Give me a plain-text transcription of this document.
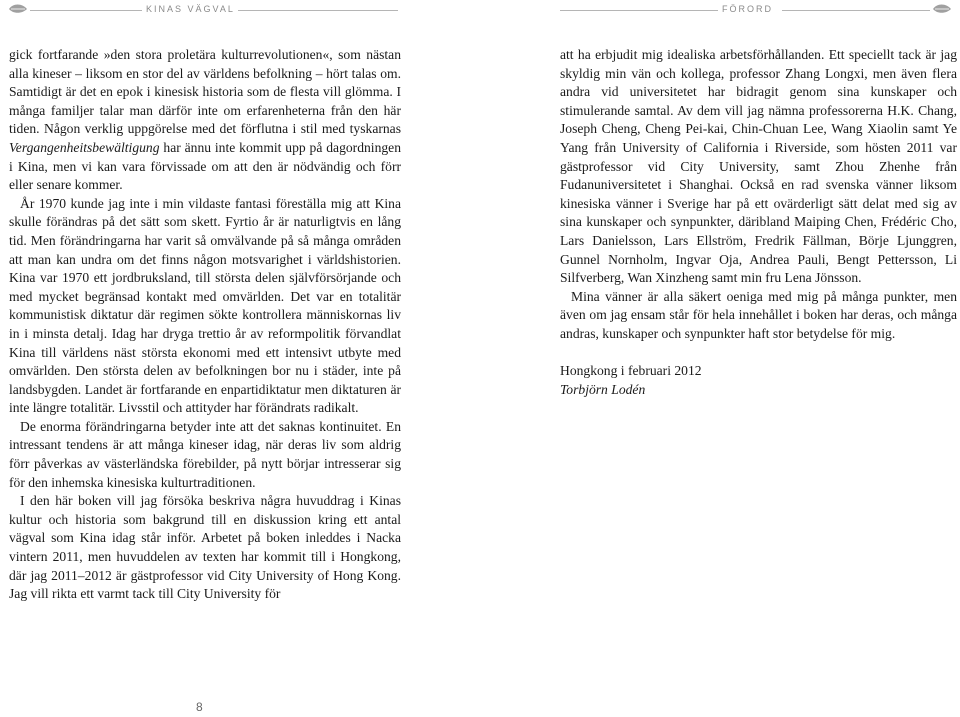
KINAS VÄGVAL	FÖRORD

gick fortfarande »den stora proletära kulturrevolutionen«, som nästan alla kineser – liksom en stor del av världens befolkning – hört talas om. Samtidigt är det en epok i kinesisk historia som de flesta vill glömma. I många familjer talar man därför inte om erfarenheterna från den här tiden. Någon verklig uppgörelse med det förflutna i stil med tyskarnas Vergangenheitsbewältigung har ännu inte kommit upp på dagordningen i Kina, men vi kan vara förvissade om att den är nödvändig och förr eller senare kommer.

År 1970 kunde jag inte i min vildaste fantasi föreställa mig att Kina skulle förändras på det sätt som skett. Fyrtio år är naturligtvis en lång tid. Men förändringarna har varit så omvälvande på så många områden att man kan undra om det finns någon motsvarighet i världshistorien. Kina var 1970 ett jordbruksland, till största delen självförsörjande och med mycket begränsad kontakt med omvärlden. Det var en totalitär kommunistisk diktatur där regimen sökte kontrollera människornas liv in i minsta detalj. Idag har dryga trettio år av reformpolitik förvandlat Kina till världens näst största ekonomi med ett intensivt utbyte med omvärlden. Den största delen av befolkningen bor nu i städer, inte på landsbygden. Landet är fortfarande en enpartidiktatur men diktaturen är inte längre totalitär. Livsstil och attityder har förändrats radikalt.

De enorma förändringarna betyder inte att det saknas kontinuitet. En intressant tendens är att många kineser idag, när deras liv som aldrig förr påverkas av västerländska förebilder, på nytt börjar intresserar sig för den inhemska kinesiska kulturtraditionen.

I den här boken vill jag försöka beskriva några huvuddrag i Kinas kultur och historia som bakgrund till en diskussion kring ett antal vägval som Kina idag står inför. Arbetet på boken inleddes i Nacka vintern 2011, men huvuddelen av texten har kommit till i Hongkong, där jag 2011–2012 är gästprofessor vid City University of Hong Kong. Jag vill rikta ett varmt tack till City University för

att ha erbjudit mig idealiska arbetsförhållanden. Ett speciellt tack är jag skyldig min vän och kollega, professor Zhang Longxi, men även flera andra vid universitetet har bidragit genom sina kunskaper och stimulerande samtal. Av dem vill jag nämna professorerna H.K. Chang, Joseph Cheng, Cheng Pei-kai, Chin-Chuan Lee, Wang Xiaolin samt Ye Yang från University of California i Riverside, som hösten 2011 var gästprofessor vid City University, samt Zhou Zhenhe från Fudanuniversitetet i Shanghai. Också en rad svenska vänner liksom kinesiska vänner i Sverige har på ett ovärderligt sätt delat med sig av sina kunskaper och synpunkter, däribland Maiping Chen, Frédéric Cho, Lars Danielsson, Lars Ellström, Fredrik Fällman, Börje Ljunggren, Gunnel Nornholm, Ingvar Oja, Andrea Pauli, Bengt Pettersson, Li Silfverberg, Wan Xinzheng samt min fru Lena Jönsson.

Mina vänner är alla säkert oeniga med mig på många punkter, men även om jag ensam står för hela innehållet i boken har deras, och många andras, kunskaper och synpunkter haft stor betydelse för mig.

Hongkong i februari 2012

Torbjörn Lodén

8
